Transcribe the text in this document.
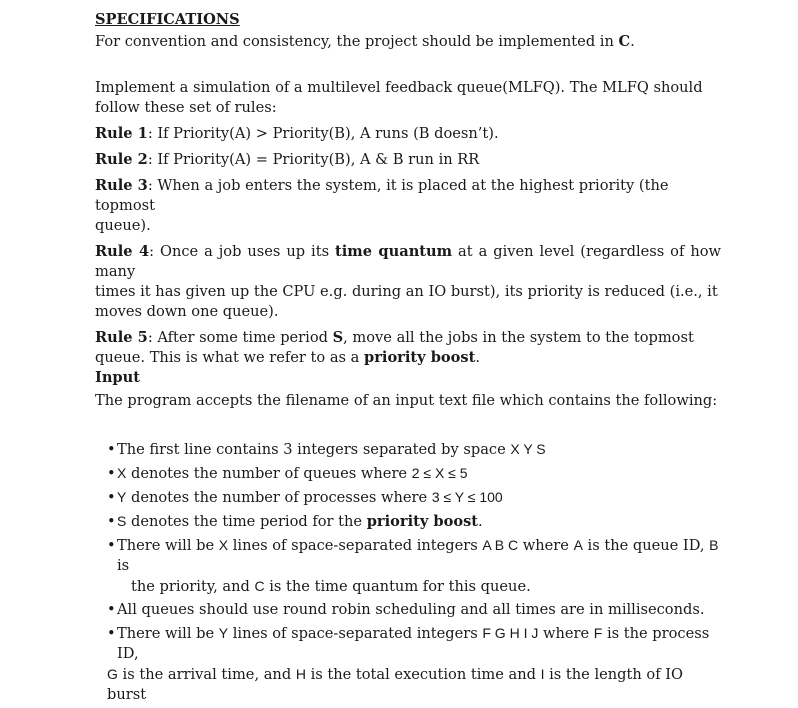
SPECIFICATIONS

For convention and consistency, the project should be implemented in C.

Implement a simulation of a multilevel feedback queue(MLFQ). The MLFQ should
follow these set of rules:

Rule 1: If Priority(A) > Priority(B), A runs (B doesn’t).

Rule 2: If Priority(A) = Priority(B), A & B run in RR

Rule 3: When a job enters the system, it is placed at the highest priority (the topmost
queue).

Rule 4: Once a job uses up its time quantum at a given level (regardless of how many
times it has given up the CPU e.g. during an IO burst), its priority is reduced (i.e., it
moves down one queue).

Rule 5: After some time period S, move all the jobs in the system to the topmost
queue. This is what we refer to as a priority boost.

Input

The program accepts the filename of an input text file which contains the following:

•The first line contains 3 integers separated by space X Y S
•X denotes the number of queues where 2 ≤ X ≤ 5
•Y denotes the number of processes where 3 ≤ Y ≤ 100
•S denotes the time period for the priority boost.
•There will be X lines of space-separated integers A B C where A is the queue ID, B is
the priority, and C is the time quantum for this queue.
•All queues should use round robin scheduling and all times are in milliseconds.
•There will be Y lines of space-separated integers F G H I J where F is the process ID,
G is the arrival time, and H is the total execution time and I is the length of IO burst
